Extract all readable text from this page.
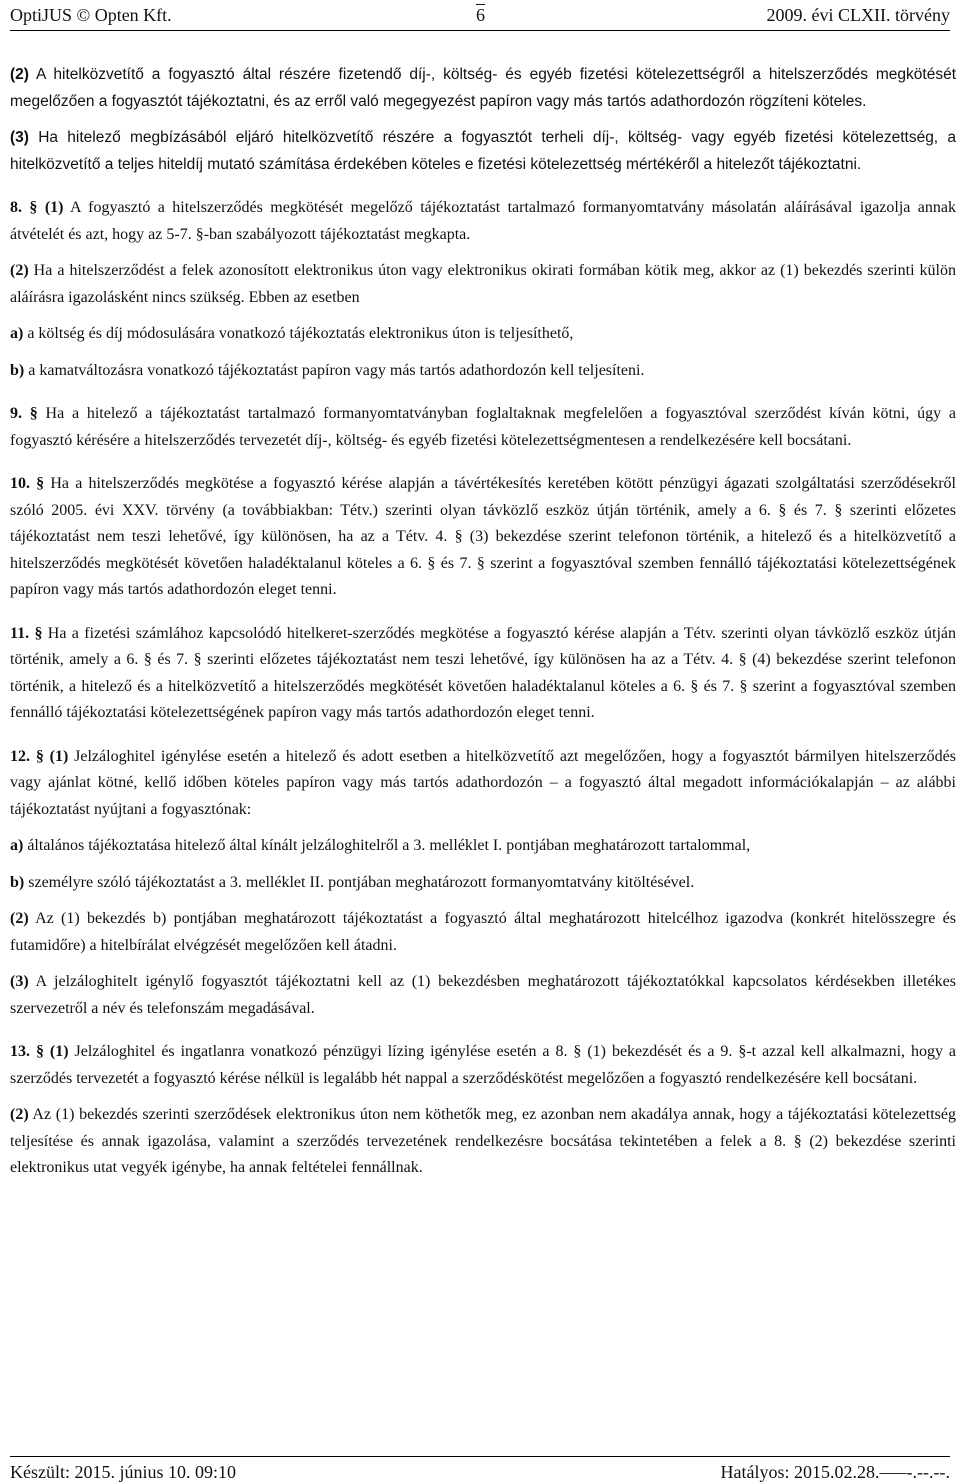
OptiJUS © Opten Kft.	6	2009. évi CLXII. törvény

(2) A hitelközvetítő a fogyasztó által részére fizetendő díj-, költség- és egyéb fizetési kötelezettségről a hitelszerződés megkötését megelőzően a fogyasztót tájékoztatni, és az erről való megegyezést papíron vagy más tartós adathordozón rögzíteni köteles.

(3) Ha hitelező megbízásából eljáró hitelközvetítő részére a fogyasztót terheli díj-, költség- vagy egyéb fizetési kötelezettség, a hitelközvetítő a teljes hiteldíj mutató számítása érdekében köteles e fizetési kötelezettség mértékéről a hitelezőt tájékoztatni.

8. § (1) A fogyasztó a hitelszerződés megkötését megelőző tájékoztatást tartalmazó formanyomtatvány másolatán aláírásával igazolja annak átvételét és azt, hogy az 5-7. §-ban szabályozott tájékoztatást megkapta.

(2) Ha a hitelszerződést a felek azonosított elektronikus úton vagy elektronikus okirati formában kötik meg, akkor az (1) bekezdés szerinti külön aláírásra igazolásként nincs szükség. Ebben az esetben

a) a költség és díj módosulására vonatkozó tájékoztatás elektronikus úton is teljesíthető,

b) a kamatváltozásra vonatkozó tájékoztatást papíron vagy más tartós adathordozón kell teljesíteni.

9. § Ha a hitelező a tájékoztatást tartalmazó formanyomtatványban foglaltaknak megfelelően a fogyasztóval szerződést kíván kötni, úgy a fogyasztó kérésére a hitelszerződés tervezetét díj-, költség- és egyéb fizetési kötelezettségmentesen a rendelkezésére kell bocsátani.

10. § Ha a hitelszerződés megkötése a fogyasztó kérése alapján a távértékesítés keretében kötött pénzügyi ágazati szolgáltatási szerződésekről szóló 2005. évi XXV. törvény (a továbbiakban: Tétv.) szerinti olyan távközlő eszköz útján történik, amely a 6. § és 7. § szerinti előzetes tájékoztatást nem teszi lehetővé, így különösen, ha az a Tétv. 4. § (3) bekezdése szerint telefonon történik, a hitelező és a hitelközvetítő a hitelszerződés megkötését követően haladéktalanul köteles a 6. § és 7. § szerint a fogyasztóval szemben fennálló tájékoztatási kötelezettségének papíron vagy más tartós adathordozón eleget tenni.

11. § Ha a fizetési számlához kapcsolódó hitelkeret-szerződés megkötése a fogyasztó kérése alapján a Tétv. szerinti olyan távközlő eszköz útján történik, amely a 6. § és 7. § szerinti előzetes tájékoztatást nem teszi lehetővé, így különösen ha az a Tétv. 4. § (4) bekezdése szerint telefonon történik, a hitelező és a hitelközvetítő a hitelszerződés megkötését követően haladéktalanul köteles a 6. § és 7. § szerint a fogyasztóval szemben fennálló tájékoztatási kötelezettségének papíron vagy más tartós adathordozón eleget tenni.

12. § (1) Jelzáloghitel igénylése esetén a hitelező és adott esetben a hitelközvetítő azt megelőzően, hogy a fogyasztót bármilyen hitelszerződés vagy ajánlat kötné, kellő időben köteles papíron vagy más tartós adathordozón – a fogyasztó által megadott információkalapján – az alábbi tájékoztatást nyújtani a fogyasztónak:

a) általános tájékoztatása hitelező által kínált jelzáloghitelről a 3. melléklet I. pontjában meghatározott tartalommal,

b) személyre szóló tájékoztatást a 3. melléklet II. pontjában meghatározott formanyomtatvány kitöltésével.

(2) Az (1) bekezdés b) pontjában meghatározott tájékoztatást a fogyasztó által meghatározott hitelcélhoz igazodva (konkrét hitelösszegre és futamidőre) a hitelbírálat elvégzését megelőzően kell átadni.

(3) A jelzáloghitelt igénylő fogyasztót tájékoztatni kell az (1) bekezdésben meghatározott tájékoztatókkal kapcsolatos kérdésekben illetékes szervezetről a név és telefonszám megadásával.

13. § (1) Jelzáloghitel és ingatlanra vonatkozó pénzügyi lízing igénylése esetén a 8. § (1) bekezdését és a 9. §-t azzal kell alkalmazni, hogy a szerződés tervezetét a fogyasztó kérése nélkül is legalább hét nappal a szerződéskötést megelőzően a fogyasztó rendelkezésére kell bocsátani.

(2) Az (1) bekezdés szerinti szerződések elektronikus úton nem köthetők meg, ez azonban nem akadálya annak, hogy a tájékoztatási kötelezettség teljesítése és annak igazolása, valamint a szerződés tervezetének rendelkezésre bocsátása tekintetében a felek a 8. § (2) bekezdése szerinti elektronikus utat vegyék igénybe, ha annak feltételei fennállnak.

Készült: 2015. június 10. 09:10	Hatályos: 2015.02.28.–––-.--.--.
